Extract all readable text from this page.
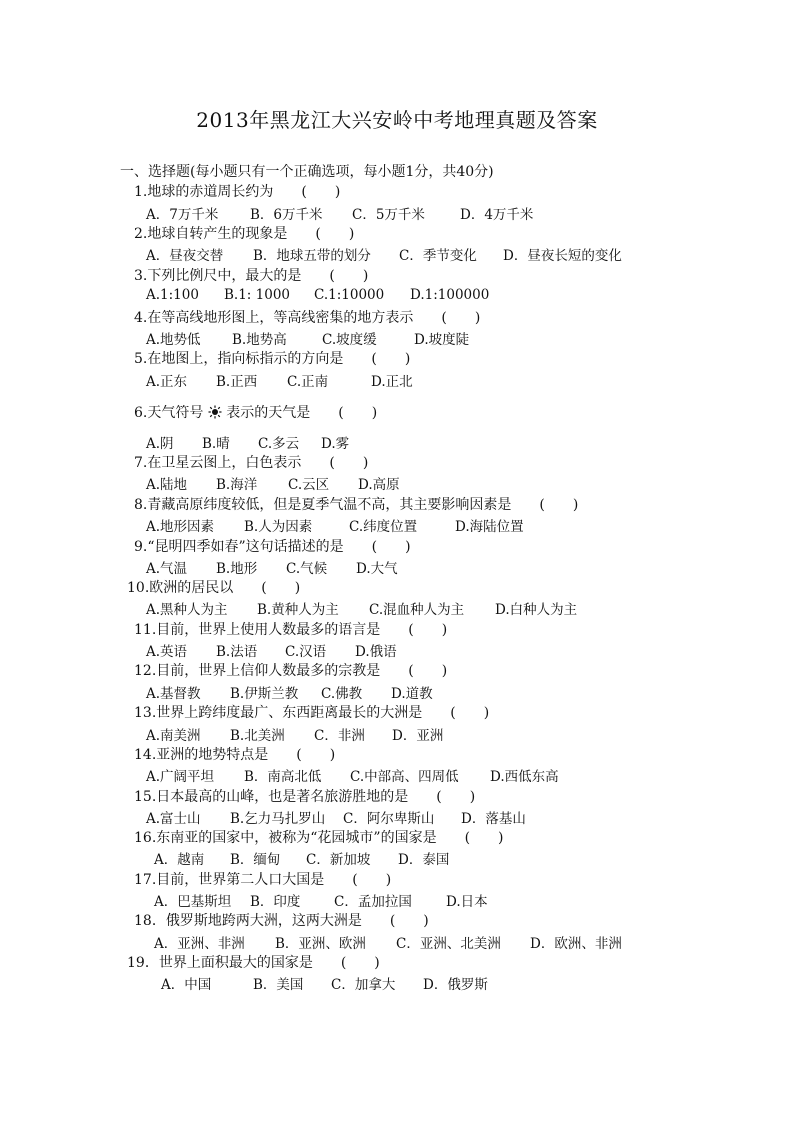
2013年黑龙江大兴安岭中考地理真题及答案
一、选择题(每小题只有一个正确选项，每小题1分，共40分)
1.地球的赤道周长约为　　(　　)
A．7万千米 B．6万千米 C．5万千米	D．4万千米
2.地球自转产生的现象是　　(　　)
A．昼夜交替 B．地球五带的划分 C．季节变化 D．昼夜长短的变化
3.下列比例尺中，最大的是　　(　　)
A.1:100 B.1: 1000 C.1:10000 D.1:100000
4.在等高线地形图上，等高线密集的地方表示　　(　　)
A.地势低 B.地势高	C.坡度缓	D.坡度陡
5.在地图上，指向标指示的方向是　　(　　)
A.正东 B.正西 C.正南	D.正北
6.天气符号 表示的天气是　　(　　)
A.阴 B.晴 C.多云 D.雾
7.在卫星云图上，白色表示　　(　　)
A.陆地 B.海洋 C.云区 D.高原
8.青藏高原纬度较低，但是夏季气温不高，其主要影响因素是　　(　　)
A.地形因素 B.人为因素	C.纬度位置	D.海陆位置
9.“昆明四季如春”这句话描述的是　　(　　)
A.气温 B.地形 C.气候 D.大气
10.欧洲的居民以　　(　　)
A.黑种人为主 B.黄种人为主 C.混血种人为主 D.白种人为主
11.目前，世界上使用人数最多的语言是　　(　　)
A.英语 B.法语 C.汉语 D.俄语
12.目前，世界上信仰人数最多的宗教是　　(　　)
A.基督教 B.伊斯兰教 C.佛教 D.道教
13.世界上跨纬度最广、东西距离最长的大洲是　　(　　)
A.南美洲 B.北美洲 C．非洲 D．亚洲
14.亚洲的地势特点是　　(　　)
A.广阔平坦 B．南高北低 C.中部高、四周低 D.西低东高
15.日本最高的山峰，也是著名旅游胜地的是　　(　　)
A.富士山 B.乞力马扎罗山 C．阿尔卑斯山 D．落基山
16.东南亚的国家中，被称为“花园城市”的国家是　　(　　)
A．越南 B．缅甸 C．新加坡 D．泰国
17.目前，世界第二人口大国是　　(　　)
A．巴基斯坦 B．印度 C．孟加拉国	D.日本
18．俄罗斯地跨两大洲，这两大洲是　　(　　)
A．亚洲、非洲 B．亚洲、欧洲 C．亚洲、北美洲 D．欧洲、非洲
19．世界上面积最大的国家是　　(　　)
A．中国	B．美国 C．加拿大 D．俄罗斯
